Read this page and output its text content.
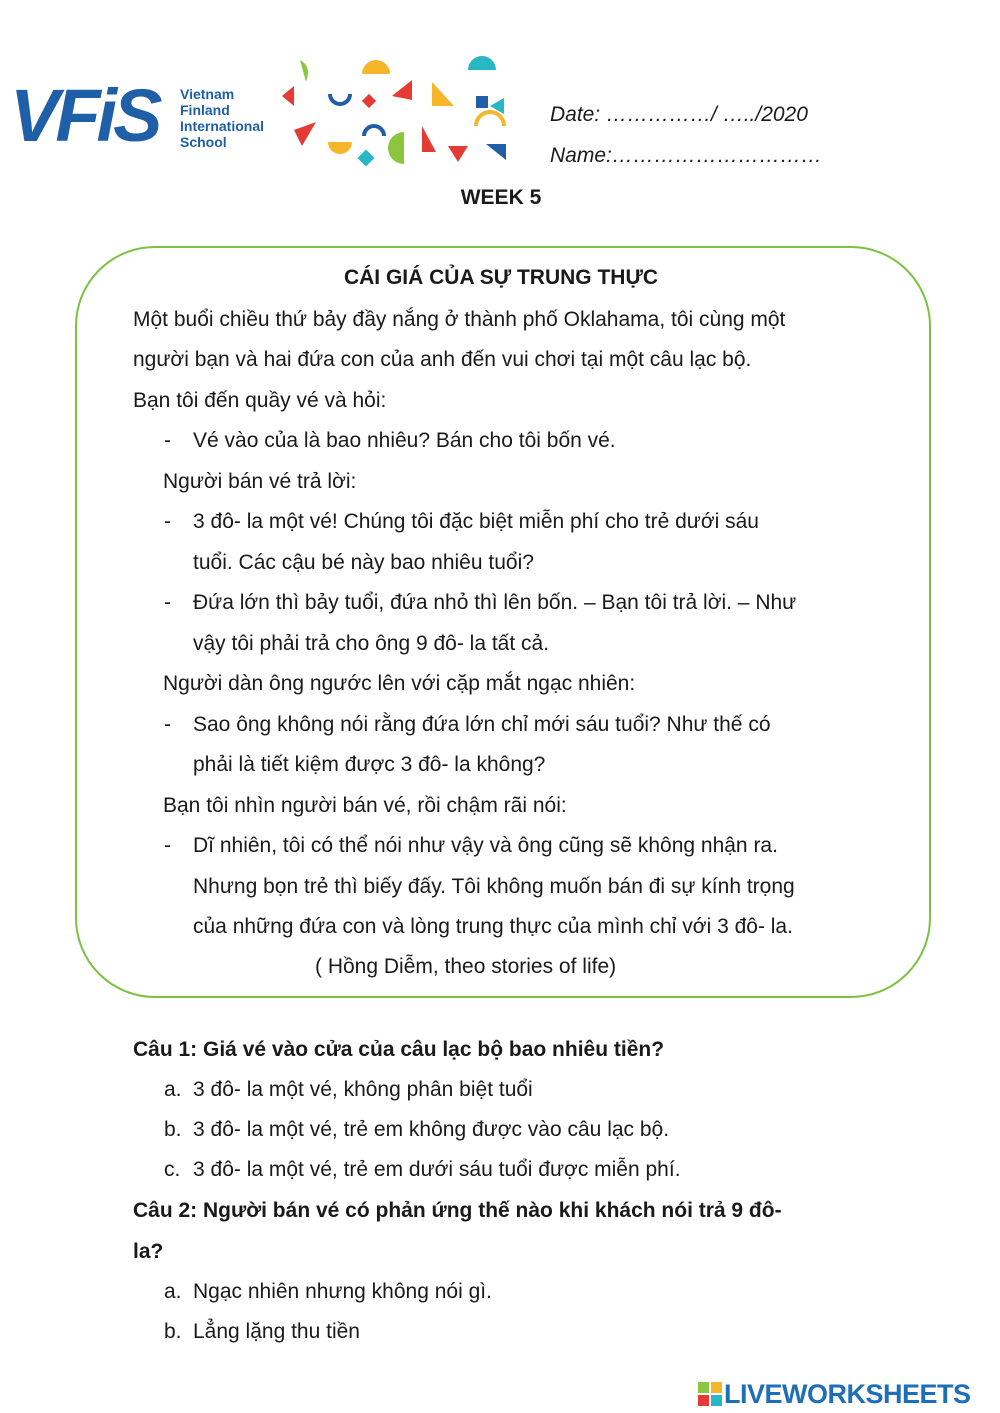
VFiS Vietnam
Finland
International
School
Date: ……………/ …../2020
Name:…………………………
WEEK 5
CÁI GIÁ CỦA SỰ TRUNG THỰC
Một buổi chiều thứ bảy đầy nắng ở thành phố Oklahama, tôi cùng một
người bạn và hai đứa con của anh đến vui chơi tại một câu lạc bộ.
Bạn tôi đến quầy vé và hỏi:
- Vé vào của là bao nhiêu? Bán cho tôi bốn vé.
Người bán vé trả lời:
- 3 đô- la một vé! Chúng tôi đặc biệt miễn phí cho trẻ dưới sáu
tuổi. Các cậu bé này bao nhiêu tuổi?
- Đứa lớn thì bảy tuổi, đứa nhỏ thì lên bốn. – Bạn tôi trả lời. – Như
vậy tôi phải trả cho ông 9 đô- la tất cả.
Người dàn ông ngước lên với cặp mắt ngạc nhiên:
- Sao ông không nói rằng đứa lớn chỉ mới sáu tuổi? Như thế có
phải là tiết kiệm được 3 đô- la không?
Bạn tôi nhìn người bán vé, rồi chậm rãi nói:
- Dĩ nhiên, tôi có thể nói như vậy và ông cũng sẽ không nhận ra.
Nhưng bọn trẻ thì biếy đấy. Tôi không muốn bán đi sự kính trọng
của những đứa con và lòng trung thực của mình chỉ với 3 đô- la.
( Hồng Diễm, theo stories of life)
Câu 1: Giá vé vào cửa của câu lạc bộ bao nhiêu tiền?
a. 3 đô- la một vé, không phân biệt tuổi
b. 3 đô- la một vé, trẻ em không được vào câu lạc bộ.
c. 3 đô- la một vé, trẻ em dưới sáu tuổi được miễn phí.
Câu 2: Người bán vé có phản ứng thế nào khi khách nói trả 9 đô-
la?
a. Ngạc nhiên nhưng không nói gì.
b. Lẳng lặng thu tiền
LIVEWORKSHEETS
